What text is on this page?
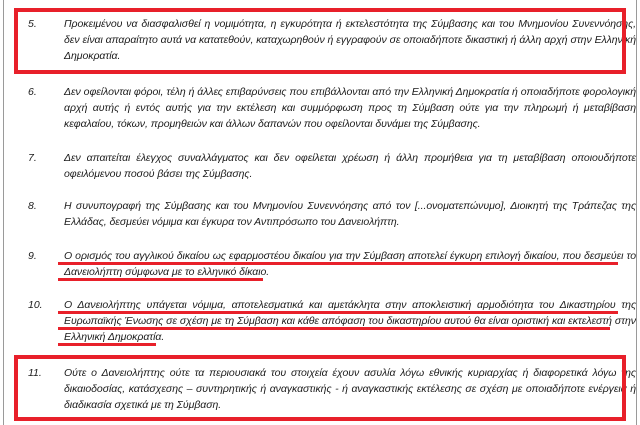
5.	Προκειμένου να διασφαλισθεί η νομιμότητα, η εγκυρότητα ή εκτελεστότητα της Σύμβασης και του Μνημονίου Συνεννόησης, δεν είναι απαραίτητο αυτά να κατατεθούν, καταχωρηθούν ή εγγραφούν σε οποιαδήποτε δικαστική ή άλλη αρχή στην Ελληνική Δημοκρατία.
6.	Δεν οφείλονται φόροι, τέλη ή άλλες επιβαρύνσεις που επιβάλλονται από την Ελληνική Δημοκρατία ή οποιαδήποτε φορολογική αρχή αυτής ή εντός αυτής για την εκτέλεση και συμμόρφωση προς τη Σύμβαση ούτε για την πληρωμή ή μεταβίβαση κεφαλαίου, τόκων, προμηθειών και άλλων δαπανών που οφείλονται δυνάμει της Σύμβασης.
7.	Δεν απαιτείται έλεγχος συναλλάγματος και δεν οφείλεται χρέωση ή άλλη προμήθεια για τη μεταβίβαση οποιουδήποτε οφειλόμενου ποσού βάσει της Σύμβασης.
8.	Η συνυπογραφή της Σύμβασης και του Μνημονίου Συνεννόησης από τον [...ονοματεπώνυμο], Διοικητή της Τράπεζας της Ελλάδας, δεσμεύει νόμιμα και έγκυρα τον Αντιπρόσωπο του Δανειολήπτη.
9.	Ο ορισμός του αγγλικού δικαίου ως εφαρμοστέου δικαίου για την Σύμβαση αποτελεί έγκυρη επιλογή δικαίου, που δεσμεύει το Δανειολήπτη σύμφωνα με το ελληνικό δίκαιο.
10. Ο Δανειολήπτης υπάγεται νόμιμα, αποτελεσματικά και αμετάκλητα στην αποκλειστική αρμοδιότητα του Δικαστηρίου της Ευρωπαϊκής Ένωσης σε σχέση με τη Σύμβαση και κάθε απόφαση του δικαστηρίου αυτού θα είναι οριστική και εκτελεστή στην Ελληνική Δημοκρατία.
11. Ούτε ο Δανειολήπτης ούτε τα περιουσιακά του στοιχεία έχουν ασυλία λόγω εθνικής κυριαρχίας ή διαφορετικά λόγω της δικαιοδοσίας, κατάσχεσης – συντηρητικής ή αναγκαστικής - ή αναγκαστικής εκτέλεσης σε σχέση με οποιαδήποτε ενέργεια ή διαδικασία σχετικά με τη Σύμβαση.
